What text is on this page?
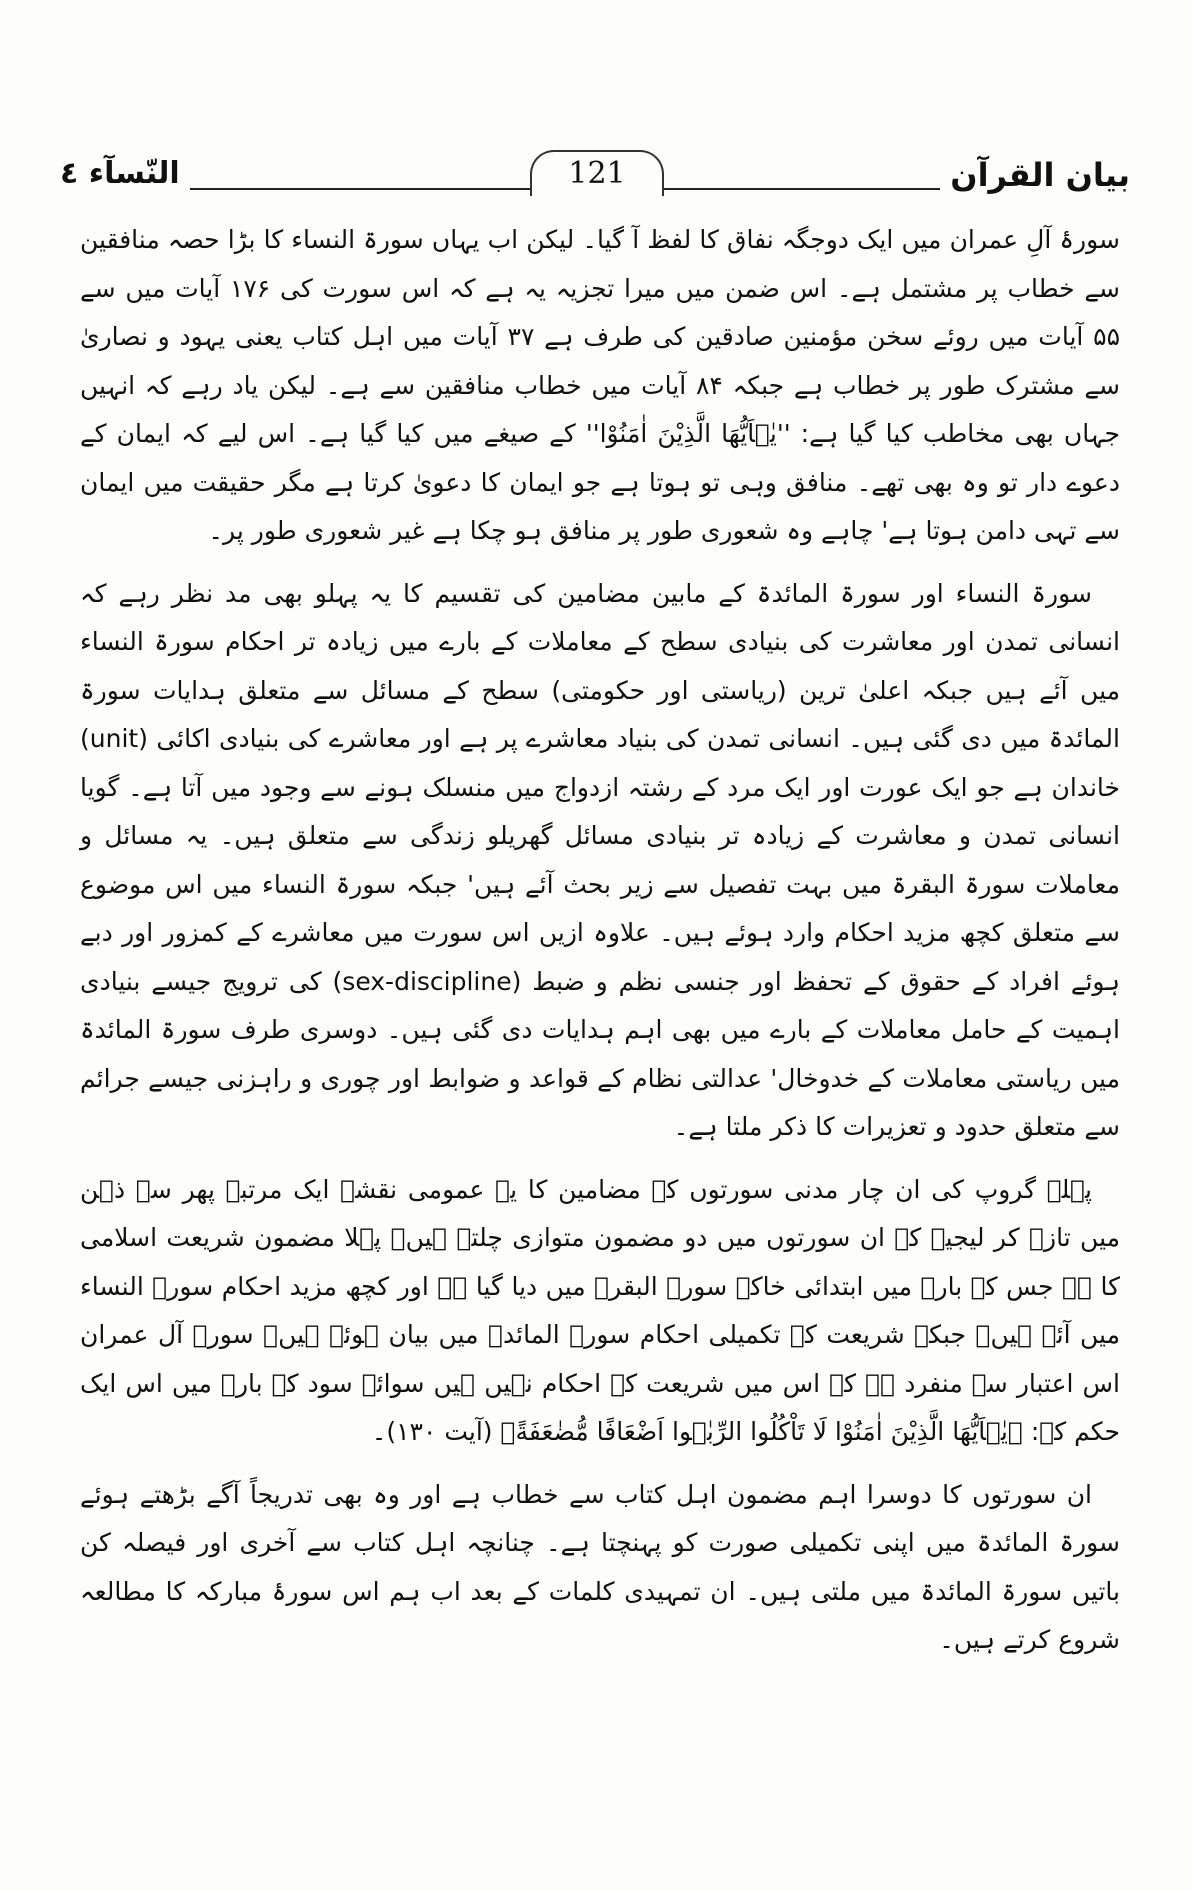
بیان القرآن
121
النّسآء ٤

سورۂ آلِ عمران میں ایک دوجگہ نفاق کا لفظ آ گیا۔ لیکن اب یہاں سورۃ النساء کا بڑا حصہ منافقین سے خطاب پر مشتمل ہے۔ اس ضمن میں میرا تجزیہ یہ ہے کہ اس سورت کی ۱۷۶ آیات میں سے ۵۵ آیات میں روئے سخن مؤمنین صادقین کی طرف ہے ۳۷ آیات میں اہل کتاب یعنی یہود و نصاریٰ سے مشترک طور پر خطاب ہے جبکہ ۸۴ آیات میں خطاب منافقین سے ہے۔ لیکن یاد رہے کہ انہیں جہاں بھی مخاطب کیا گیا ہے: ''یٰۤاَیُّهَا الَّذِیْنَ اٰمَنُوْا'' کے صیغے میں کیا گیا ہے۔ اس لیے کہ ایمان کے دعوے دار تو وہ بھی تھے۔ منافق وہی تو ہوتا ہے جو ایمان کا دعویٰ کرتا ہے مگر حقیقت میں ایمان سے تہی دامن ہوتا ہے' چاہے وہ شعوری طور پر منافق ہو چکا ہے غیر شعوری طور پر۔

سورۃ النساء اور سورۃ المائدۃ کے مابین مضامین کی تقسیم کا یہ پہلو بھی مد نظر رہے کہ انسانی تمدن اور معاشرت کی بنیادی سطح کے معاملات کے بارے میں زیادہ تر احکام سورۃ النساء میں آئے ہیں جبکہ اعلیٰ ترین (ریاستی اور حکومتی) سطح کے مسائل سے متعلق ہدایات سورۃ المائدۃ میں دی گئی ہیں۔ انسانی تمدن کی بنیاد معاشرے پر ہے اور معاشرے کی بنیادی اکائی (unit) خاندان ہے جو ایک عورت اور ایک مرد کے رشتہ ازدواج میں منسلک ہونے سے وجود میں آتا ہے۔ گویا انسانی تمدن و معاشرت کے زیادہ تر بنیادی مسائل گھریلو زندگی سے متعلق ہیں۔ یہ مسائل و معاملات سورۃ البقرۃ میں بہت تفصیل سے زیر بحث آئے ہیں' جبکہ سورۃ النساء میں اس موضوع سے متعلق کچھ مزید احکام وارد ہوئے ہیں۔ علاوہ ازیں اس سورت میں معاشرے کے کمزور اور دبے ہوئے افراد کے حقوق کے تحفظ اور جنسی نظم و ضبط (sex-discipline) کی ترویج جیسے بنیادی اہمیت کے حامل معاملات کے بارے میں بھی اہم ہدایات دی گئی ہیں۔ دوسری طرف سورۃ المائدۃ میں ریاستی معاملات کے خدوخال' عدالتی نظام کے قواعد و ضوابط اور چوری و راہزنی جیسے جرائم سے متعلق حدود و تعزیرات کا ذکر ملتا ہے۔

پہلے گروپ کی ان چار مدنی سورتوں کے مضامین کا یہ عمومی نقشہ ایک مرتبہ پھر سے ذہن میں تازہ کر لیجیے کہ ان سورتوں میں دو مضمون متوازی چلتے ہیں۔ پہلا مضمون شریعت اسلامی کا ہے جس کے بارے میں ابتدائی خاکہ سورۃ البقرۃ میں دیا گیا ہے اور کچھ مزید احکام سورۃ النساء میں آئے ہیں۔ جبکہ شریعت کے تکمیلی احکام سورۃ المائدۃ میں بیان ہوئے ہیں۔ سورۂ آل عمران اس اعتبار سے منفرد ہے کہ اس میں شریعت کے احکام نہیں ہیں سوائے سود کے بارے میں اس ایک حکم کے: ﴿یٰۤاَیُّهَا الَّذِیْنَ اٰمَنُوْا لَا تَاْكُلُوا الرِّبٰۤوا اَضْعَافًا مُّضٰعَفَةً﴾ (آیت ۱۳۰)۔

ان سورتوں کا دوسرا اہم مضمون اہل کتاب سے خطاب ہے اور وہ بھی تدریجاً آگے بڑھتے ہوئے سورۃ المائدۃ میں اپنی تکمیلی صورت کو پہنچتا ہے۔ چنانچہ اہل کتاب سے آخری اور فیصلہ کن باتیں سورۃ المائدۃ میں ملتی ہیں۔ ان تمہیدی کلمات کے بعد اب ہم اس سورۂ مبارکہ کا مطالعہ شروع کرتے ہیں۔
